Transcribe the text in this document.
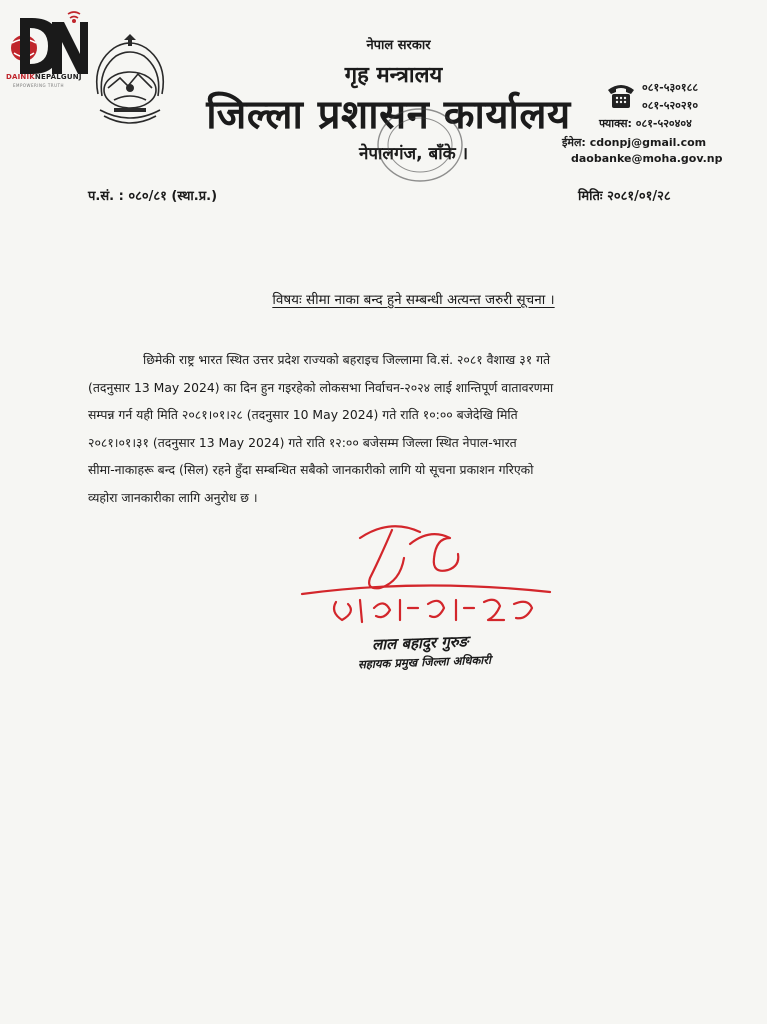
DAINIKNEPALGUNJ
EMPOWERING TRUTH
नेपाल सरकार
गृह मन्त्रालय
जिल्ला प्रशासन कार्यालय
नेपालगंज, बाँके ।
०८१-५३०१८८
०८१-५२०२१०
फ्याक्स: ०८१-५२०४०४
ईमेल: cdonpj@gmail.com
daobanke@moha.gov.np
प.सं. : ०८०/८१ (स्था.प्र.)	मितिः २०८१/०१/२८
विषयः सीमा नाका बन्द हुने सम्बन्धी अत्यन्त जरुरी सूचना ।
छिमेकी राष्ट्र भारत स्थित उत्तर प्रदेश राज्यको बहराइच जिल्लामा वि.सं. २०८१ वैशाख ३१ गते
(तदनुसार 13 May 2024) का दिन हुन गइरहेको लोकसभा निर्वाचन-२०२४ लाई शान्तिपूर्ण वातावरणमा
सम्पन्न गर्न यही मिति २०८१।०१।२८ (तदनुसार 10 May 2024) गते राति १०:०० बजेदेखि मिति
२०८१।०१।३१ (तदनुसार 13 May 2024) गते राति १२:०० बजेसम्म जिल्ला स्थित नेपाल-भारत
सीमा-नाकाहरू बन्द (सिल) रहने हुँदा सम्बन्धित सबैको जानकारीको लागि यो सूचना प्रकाशन गरिएको
व्यहोरा जानकारीका लागि अनुरोध छ ।
लाल बहादुर गुरुङ
सहायक प्रमुख जिल्ला अधिकारी
